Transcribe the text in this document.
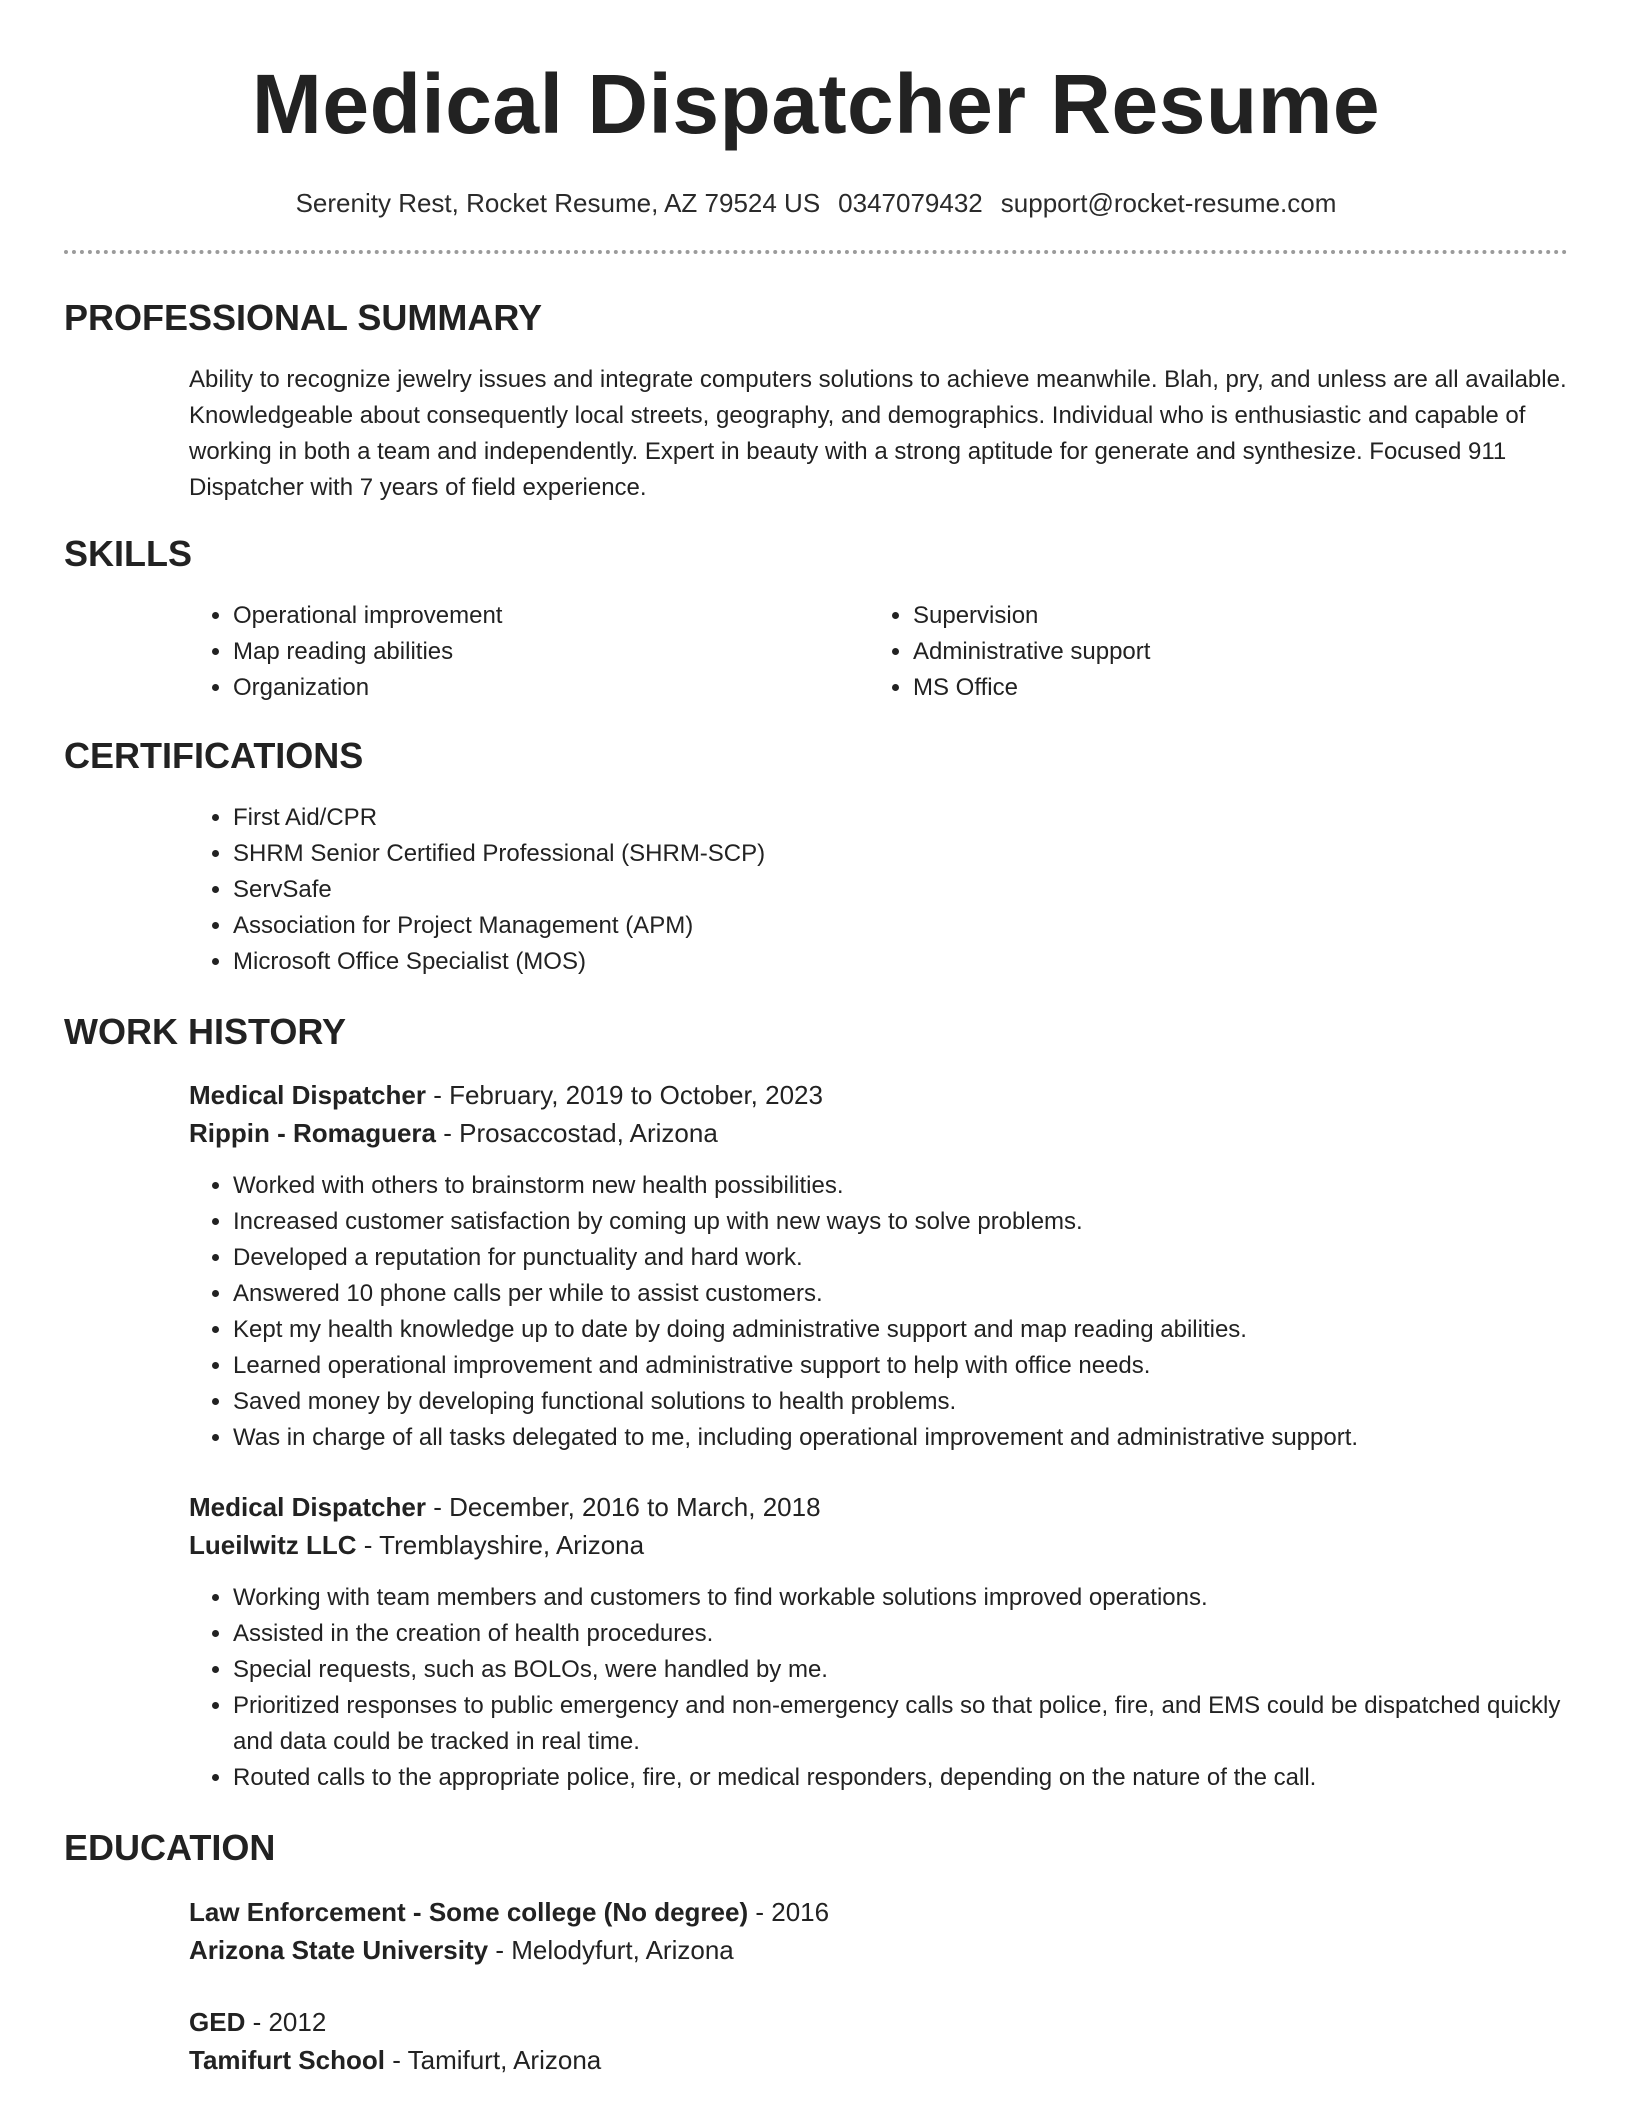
Medical Dispatcher Resume
Serenity Rest, Rocket Resume, AZ 79524 US 0347079432 support@rocket-resume.com
PROFESSIONAL SUMMARY

Ability to recognize jewelry issues and integrate computers solutions to achieve meanwhile. Blah, pry, and unless are all available. Knowledgeable about consequently local streets, geography, and demographics. Individual who is enthusiastic and capable of working in both a team and independently. Expert in beauty with a strong aptitude for generate and synthesize. Focused 911 Dispatcher with 7 years of field experience.

SKILLS
• Operational improvement
• Map reading abilities
• Organization
• Supervision
• Administrative support
• MS Office
CERTIFICATIONS
• First Aid/CPR
• SHRM Senior Certified Professional (SHRM-SCP)
• ServSafe
• Association for Project Management (APM)
• Microsoft Office Specialist (MOS)
WORK HISTORY

Medical Dispatcher - February, 2019 to October, 2023

Rippin - Romaguera - Prosaccostad, Arizona

• Worked with others to brainstorm new health possibilities.
• Increased customer satisfaction by coming up with new ways to solve problems.
• Developed a reputation for punctuality and hard work.
• Answered 10 phone calls per while to assist customers.
• Kept my health knowledge up to date by doing administrative support and map reading abilities.
• Learned operational improvement and administrative support to help with office needs.
• Saved money by developing functional solutions to health problems.
• Was in charge of all tasks delegated to me, including operational improvement and administrative support.

Medical Dispatcher - December, 2016 to March, 2018

Lueilwitz LLC - Tremblayshire, Arizona

• Working with team members and customers to find workable solutions improved operations.
• Assisted in the creation of health procedures.
• Special requests, such as BOLOs, were handled by me.
• Prioritized responses to public emergency and non-emergency calls so that police, fire, and EMS could be dispatched quickly and data could be tracked in real time.
• Routed calls to the appropriate police, fire, or medical responders, depending on the nature of the call.
EDUCATION

Law Enforcement - Some college (No degree) - 2016

Arizona State University - Melodyfurt, Arizona

GED - 2012

Tamifurt School - Tamifurt, Arizona
